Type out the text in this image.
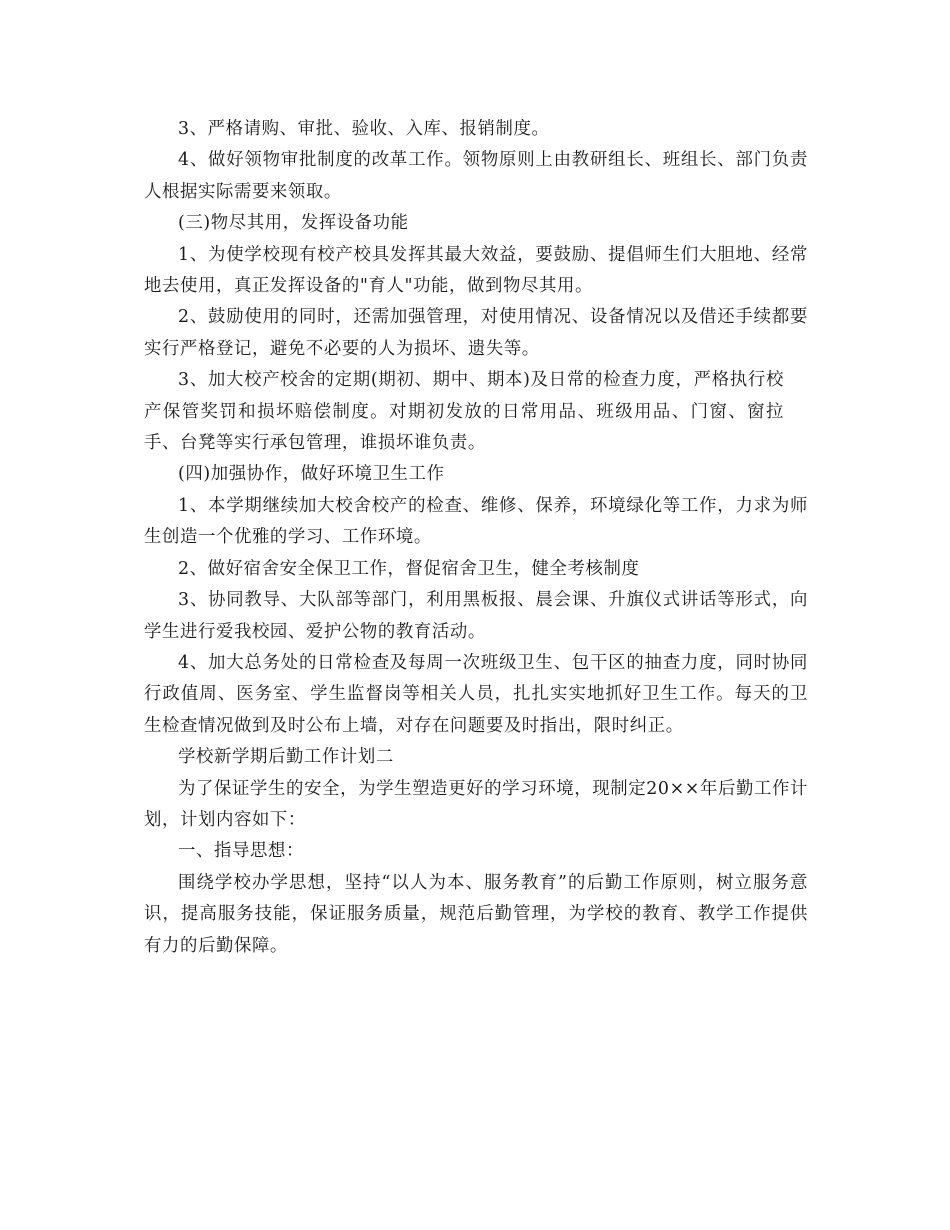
3、严格请购、审批、验收、入库、报销制度。

4、做好领物审批制度的改革工作。领物原则上由教研组长、班组长、部门负责人根据实际需要来领取。

(三)物尽其用，发挥设备功能

1、为使学校现有校产校具发挥其最大效益，要鼓励、提倡师生们大胆地、经常地去使用，真正发挥设备的"育人"功能，做到物尽其用。

2、鼓励使用的同时，还需加强管理，对使用情况、设备情况以及借还手续都要实行严格登记，避免不必要的人为损坏、遗失等。

3、加大校产校舍的定期(期初、期中、期本)及日常的检查力度，严格执行校产保管奖罚和损坏赔偿制度。对期初发放的日常用品、班级用品、门窗、窗拉手、台凳等实行承包管理，谁损坏谁负责。

(四)加强协作，做好环境卫生工作

1、本学期继续加大校舍校产的检查、维修、保养，环境绿化等工作，力求为师生创造一个优雅的学习、工作环境。

2、做好宿舍安全保卫工作，督促宿舍卫生，健全考核制度

3、协同教导、大队部等部门，利用黑板报、晨会课、升旗仪式讲话等形式，向学生进行爱我校园、爱护公物的教育活动。

4、加大总务处的日常检查及每周一次班级卫生、包干区的抽查力度，同时协同行政值周、医务室、学生监督岗等相关人员，扎扎实实地抓好卫生工作。每天的卫生检查情况做到及时公布上墙，对存在问题要及时指出，限时纠正。

学校新学期后勤工作计划二

为了保证学生的安全，为学生塑造更好的学习环境，现制定20××年后勤工作计划，计划内容如下：

一、指导思想：

围绕学校办学思想，坚持“以人为本、服务教育”的后勤工作原则，树立服务意识，提高服务技能，保证服务质量，规范后勤管理，为学校的教育、教学工作提供有力的后勤保障。
